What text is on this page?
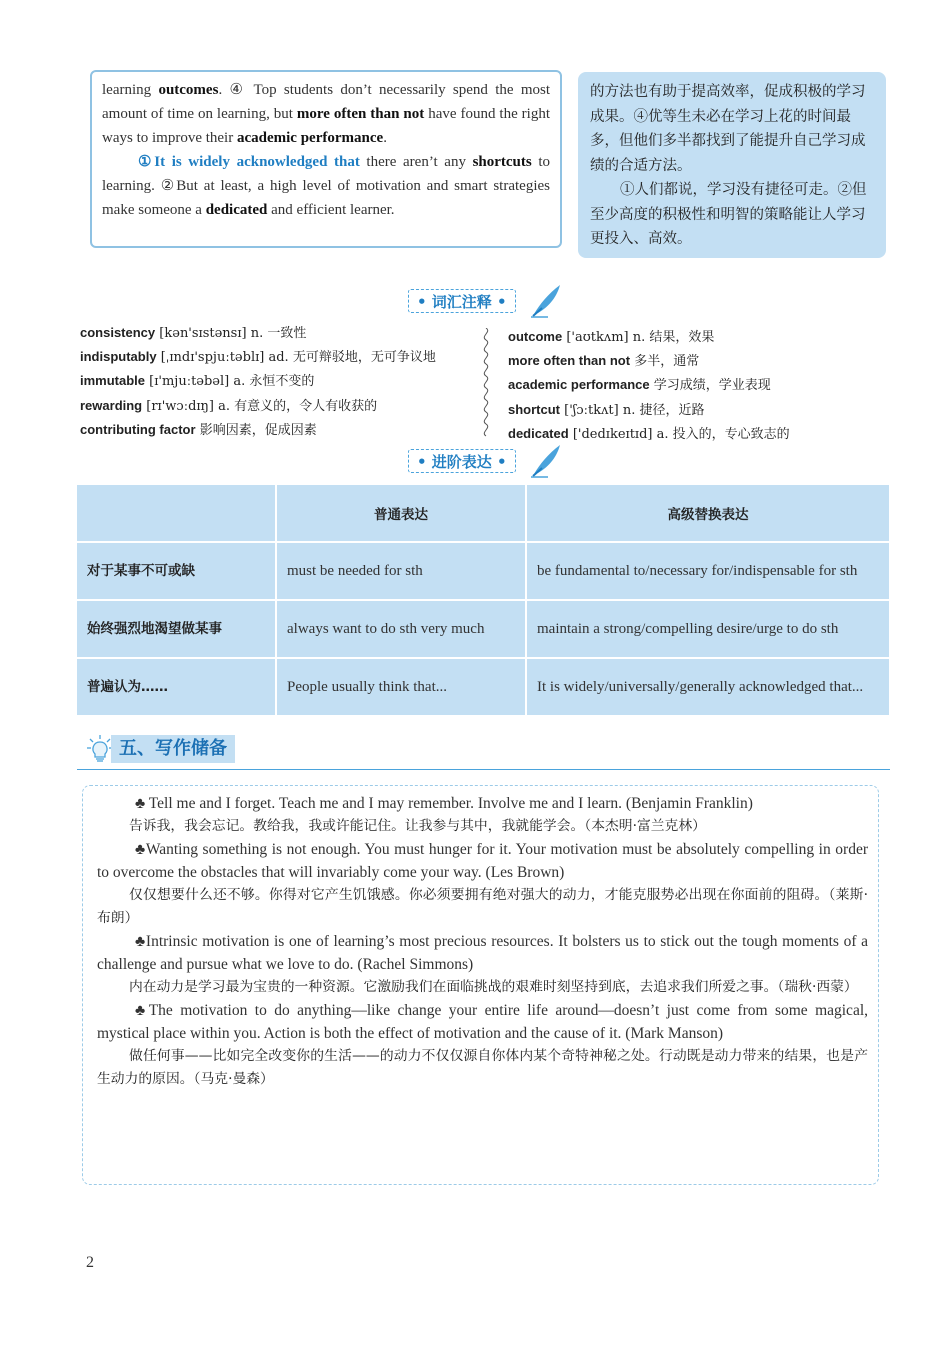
learning outcomes. ④ Top students don’t necessarily spend the most amount of time on learning, but more often than not have found the right ways to improve their academic performance.

①It is widely acknowledged that there aren’t any shortcuts to learning. ②But at least, a high level of motivation and smart strategies make someone a dedicated and efficient learner.

的方法也有助于提高效率，促成积极的学习成果。④优等生未必在学习上花的时间最多，但他们多半都找到了能提升自己学习成绩的合适方法。

①人们都说，学习没有捷径可走。②但至少高度的积极性和明智的策略能让人学习更投入、高效。

• 词汇注释 •
consistency [kən'sɪstənsɪ] n. 一致性
indisputably [ˌɪndɪ'spjuːtəblɪ] ad. 无可辩驳地，无可争议地
immutable [ɪ'mjuːtəbəl] a. 永恒不变的
rewarding [rɪ'wɔːdɪŋ] a. 有意义的，令人有收获的
contributing factor 影响因素，促成因素
outcome ['aʊtkʌm] n. 结果，效果
more often than not 多半，通常
academic performance 学习成绩，学业表现
shortcut ['ʃɔːtkʌt] n. 捷径，近路
dedicated ['dedɪkeɪtɪd] a. 投入的，专心致志的
• 进阶表达 •
	普通表达	高级替换表达
对于某事不可或缺	must be needed for sth	be fundamental to/necessary for/indispensable for sth
始终强烈地渴望做某事	always want to do sth very much	maintain a strong/compelling desire/urge to do sth
普遍认为……	People usually think that...	It is widely/universally/generally acknowledged that...
五、写作储备

♣ Tell me and I forget. Teach me and I may remember. Involve me and I learn. (Benjamin Franklin)

告诉我，我会忘记。教给我，我或许能记住。让我参与其中，我就能学会。（本杰明·富兰克林）

♣Wanting something is not enough. You must hunger for it. Your motivation must be absolutely compelling in order to overcome the obstacles that will invariably come your way. (Les Brown)

仅仅想要什么还不够。你得对它产生饥饿感。你必须要拥有绝对强大的动力，才能克服势必出现在你面前的阻碍。（莱斯·布朗）

♣Intrinsic motivation is one of learning’s most precious resources. It bolsters us to stick out the tough moments of a challenge and pursue what we love to do. (Rachel Simmons)

内在动力是学习最为宝贵的一种资源。它激励我们在面临挑战的艰难时刻坚持到底，去追求我们所爱之事。（瑞秋·西蒙）

♣The motivation to do anything—like change your entire life around—doesn’t just come from some magical, mystical place within you. Action is both the effect of motivation and the cause of it. (Mark Manson)

做任何事——比如完全改变你的生活——的动力不仅仅源自你体内某个奇特神秘之处。行动既是动力带来的结果，也是产生动力的原因。（马克·曼森）

2
